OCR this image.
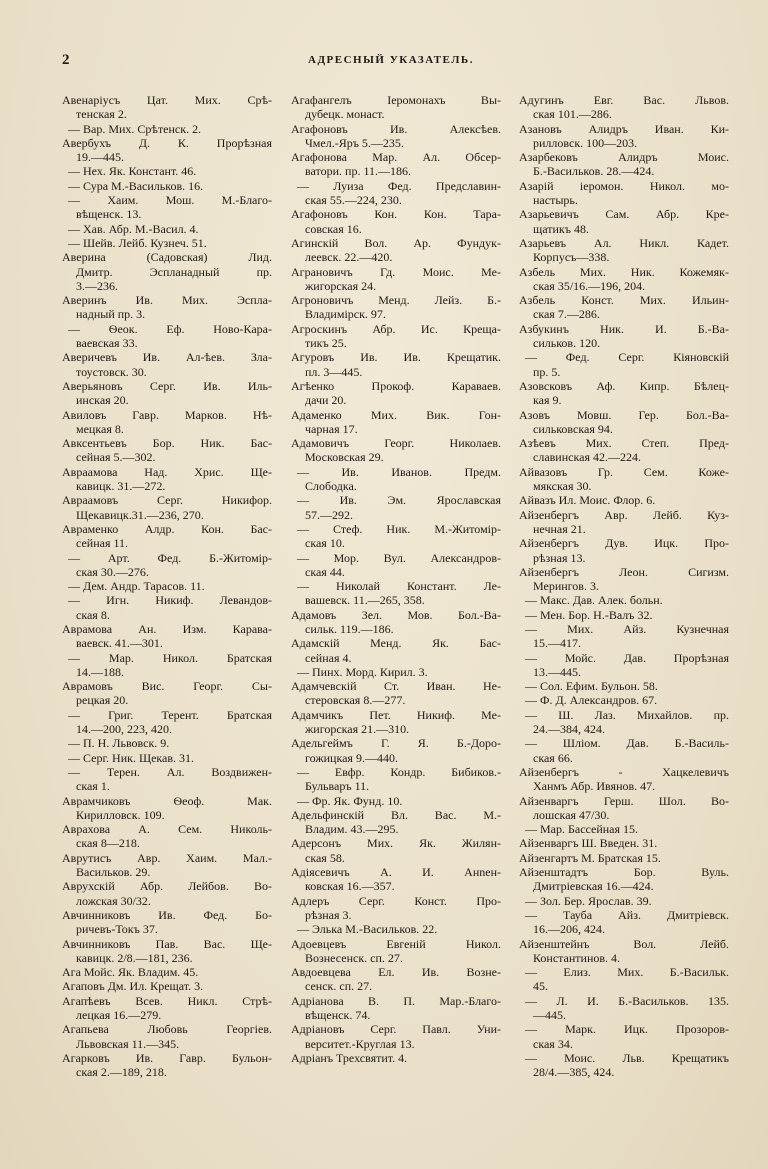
2	АДРЕСНЫЙ УКАЗАТЕЛЬ.
Авенаріусъ Цат. Мих. Срѣ-
тенская 2.
— Вар. Мих. Срѣтенск. 2.
Авербухъ Д. К. Прорѣзная
19.—445.
— Нех. Як. Констант. 46.
— Сура М.-Васильков. 16.
— Хаим. Мош. М.-Благо-
вѣщенск. 13.
— Хав. Абр. М.-Васил. 4.
— Шейв. Лейб. Кузнеч. 51.
Аверина (Садовская) Лид.
Дмитр. Эспланадный пр.
3.—236.
Аверинъ Ив. Мих. Эспла-
надный пр. 3.
— Ѳеок. Еф. Ново-Кара-
ваевская 33.
Аверичевъ Ив. Ал-ѣев. Зла-
тоустовск. 30.
Аверьяновъ Серг. Ив. Иль-
инская 20.
Авиловъ Гавр. Марков. Нѣ-
мецкая 8.
Авксентьевъ Бор. Ник. Бас-
сейная 5.—302.
Авраамова Над. Хрис. Ще-
кавицк. 31.—272.
Авраамовъ Серг. Никифор.
Щекавицк.31.—236, 270.
Авраменко Алдр. Кон. Бас-
сейная 11.
— Арт. Фед. Б.-Житомір-
ская 30.—276.
— Дем. Андр. Тарасов. 11.
— Игн. Никиф. Левандов-
ская 8.
Аврамова Ан. Изм. Карава-
ваевск. 41.—301.
— Мар. Никол. Братская
14.—188.
Аврамовъ Вис. Георг. Сы-
рецкая 20.
— Григ. Терент. Братская
14.—200, 223, 420.
— П. Н. Львовск. 9.
— Серг. Ник. Щекав. 31.
— Терен. Ал. Воздвижен-
ская 1.
Аврамчиковъ Ѳеоф. Мак.
Кирилловск. 109.
Аврахова А. Сем. Николь-
ская 8—218.
Аврутисъ Авр. Хаим. Мал.-
Васильков. 29.
Аврухскій Абр. Лейбов. Во-
ложская 30/32.
Авчинниковъ Ив. Фед. Бо-
ричевъ-Токъ 37.
Авчинниковъ Пав. Вас. Ще-
кавицк. 2/8.—181, 236.
Ага Мойс. Як. Владим. 45.
Агаповъ Дм. Ил. Крещат. 3.
Агапѣевъ Всев. Никл. Стрѣ-
лецкая 16.—279.
Агапьева Любовь Георгіев.
Львовская 11.—345.
Агарковъ Ив. Гавр. Бульон-
ская 2.—189, 218.
Агафангелъ Іеромонахъ Вы-
дубецк. монаст.
Агафоновъ Ив. Алексѣев.
Чмел.-Яръ 5.—235.
Агафонова Мар. Ал. Обсер-
ватори. пр. 11.—186.
— Луиза Фед. Предславин-
ская 55.—224, 230.
Агафоновъ Кон. Кон. Тара-
совская 16.
Агинскій Вол. Ар. Фундук-
леевск. 22.—420.
Аграновичъ Гд. Моис. Ме-
жигорская 24.
Агроновичъ Менд. Лейз. Б.-
Владимірск. 97.
Агроскинъ Абр. Ис. Креща-
тикъ 25.
Агуровъ Ив. Ив. Крещатик.
пл. 3—445.
Агѣенко Прокоф. Караваев.
дачи 20.
Адаменко Мих. Вик. Гон-
чарная 17.
Адамовичъ Георг. Николаев.
Московская 29.
— Ив. Иванов. Предм.
Слободка.
— Ив. Эм. Ярославская
57.—292.
— Стеф. Ник. М.-Житомір-
ская 10.
— Мор. Вул. Александров-
ская 44.
— Николай Констант. Ле-
вашевск. 11.—265, 358.
Адамовъ Зел. Мов. Бол.-Ва-
сильк. 119.—186.
Адамскій Менд. Як. Бас-
сейная 4.
— Пинх. Морд. Кирил. 3.
Адамчевскій Ст. Иван. Не-
стеровская 8.—277.
Адамчикъ Пет. Никиф. Ме-
жигорская 21.—310.
Адельгеймъ Г. Я. Б.-Доро-
гожицкая 9.—440.
— Евфр. Кондр. Бибиков.-
Бульваръ 11.
— Фр. Як. Фунд. 10.
Адельфинскій Вл. Вас. М.-
Владим. 43.—295.
Адерсонъ Мих. Як. Жилян-
ская 58.
Адіясевичъ А. И. Анnен-
ковская 16.—357.
Адлеръ Серг. Конст. Про-
рѣзная 3.
— Элька М.-Васильков. 22.
Адоевцевъ Евгеній Никол.
Вознесенск. сп. 27.
Авдоевцева Ел. Ив. Возне-
сенск. сп. 27.
Адріанова В. П. Мар.-Благо-
вѣщенск. 74.
Адріановъ Серг. Павл. Уни-
верситет.-Круглая 13.
Адріанъ Трехсвятит. 4.
Адугинъ Евг. Вас. Львов.
ская 101.—286.
Азановъ Алидръ Иван. Ки-
рилловск. 100—203.
Азарбековъ Алидръ Моис.
Б.-Васильков. 28.—424.
Азарій іеромон. Никол. мо-
настырь.
Азарьевичъ Сам. Абр. Кре-
щатикъ 48.
Азарьевъ Ал. Никл. Кадет.
Корпусъ—338.
Азбель Мих. Ник. Кожемяк-
ская 35/16.—196, 204.
Азбель Конст. Мих. Ильин-
ская 7.—286.
Азбукинъ Ник. И. Б.-Ва-
сильков. 120.
— Фед. Серг. Кіяновскій
пр. 5.
Азовсковъ Аф. Кипр. Бѣлец-
кая 9.
Азовъ Мовш. Гер. Бол.-Ва-
сильковская 94.
Азѣевъ Мих. Степ. Пред-
славинская 42.—224.
Айвазовъ Гр. Сем. Коже-
мякская 30.
Айвазъ Ил. Моис. Флор. 6.
Айзенбергъ Авр. Лейб. Куз-
нечная 21.
Айзенбергъ Дув. Ицк. Про-
рѣзная 13.
Айзенбергъ Леон. Сигизм.
Мерингов. 3.
— Макс. Дав. Алек. больн.
— Мен. Бор. Н.-Валъ 32.
— Мих. Айз. Кузнечная
15.—417.
— Мойс. Дав. Прорѣзная
13.—445.
— Сол. Ефим. Бульон. 58.
— Ф. Д. Александров. 67.
— Ш. Лаз. Михайлов. пр.
24.—384, 424.
— Шліом. Дав. Б.-Василь-
ская 66.
Айзенбергъ - Хацкелевичъ
Ханмъ Абр. Ивянов. 47.
Айзенваргъ Герш. Шол. Во-
лошская 47/30.
— Мар. Бассейная 15.
Айзенваргъ Ш. Введен. 31.
Айзенгартъ М. Братская 15.
Айзенштадтъ Бор. Вуль.
Дмитріевская 16.—424.
— Зол. Бер. Ярослав. 39.
— Тауба Айз. Дмитріевск.
16.—206, 424.
Айзенштейнъ Вол. Лейб.
Константинов. 4.
— Елиз. Мих. Б.-Васильк.
45.
— Л. И. Б.-Васильков. 135.
—445.
— Марк. Ицк. Прозоров-
ская 34.
— Моис. Льв. Крещатикъ
28/4.—385, 424.
